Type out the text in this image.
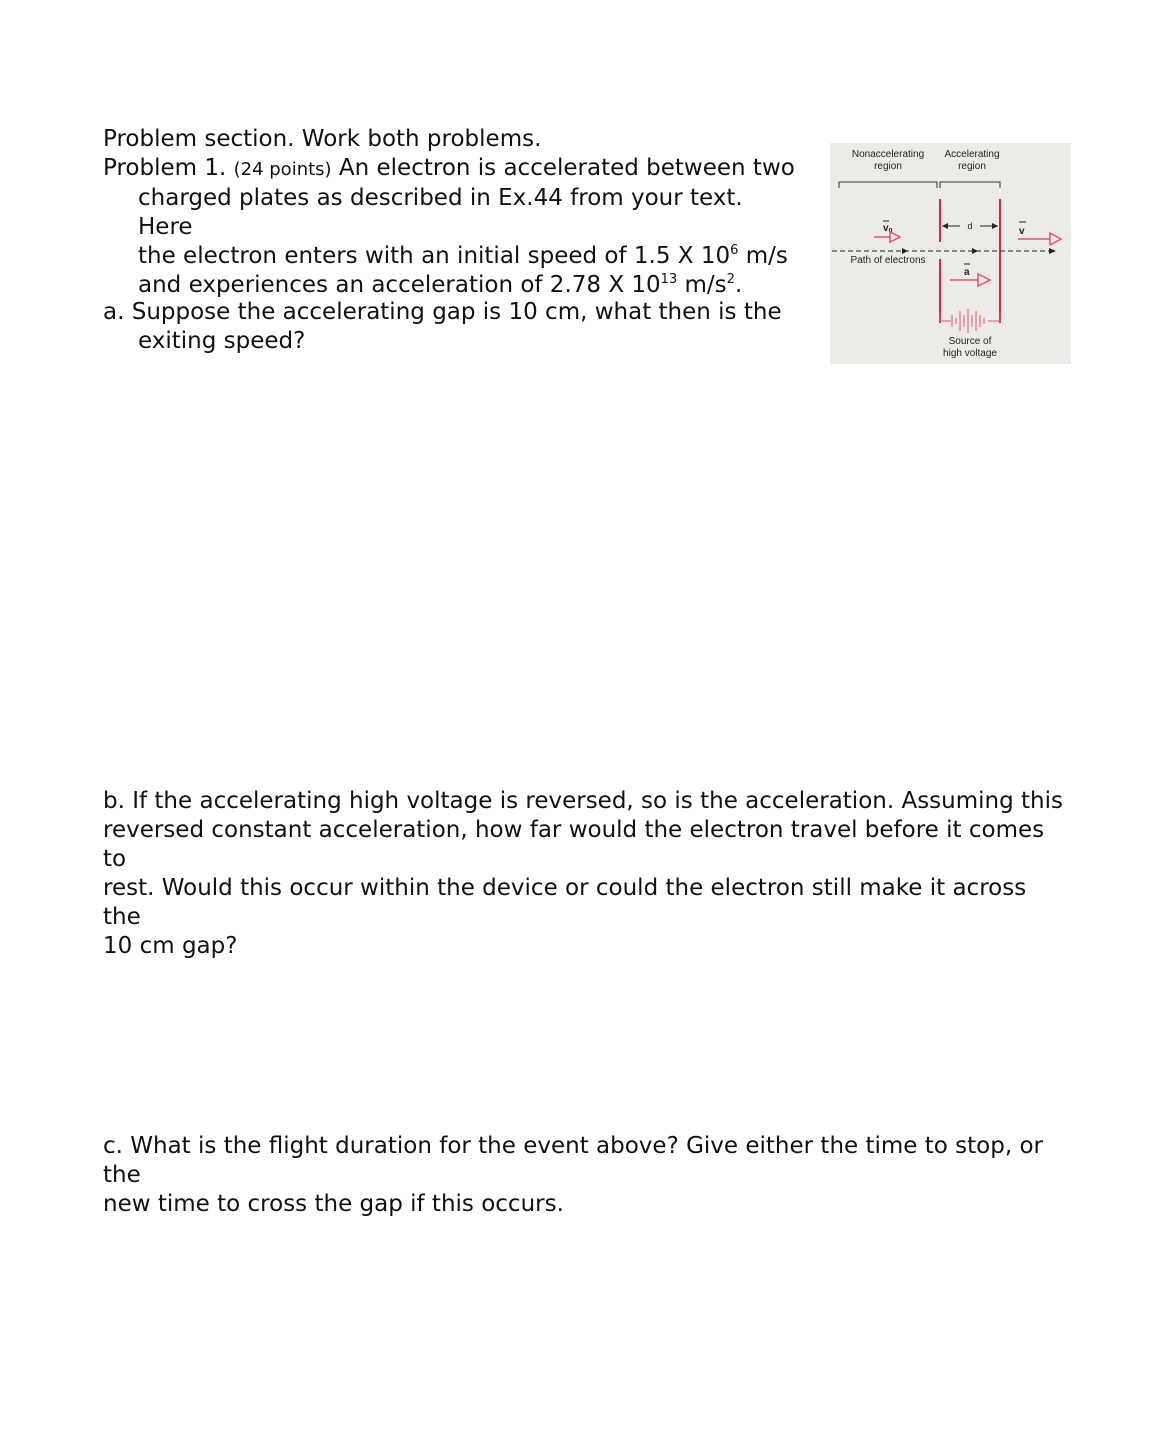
Problem section. Work both problems.
Problem 1. (24 points) An electron is accelerated between two
charged plates as described in Ex.44 from your text. Here
the electron enters with an initial speed of 1.5 X $10^6$ m/s
and experiences an acceleration of 2.78 X $10^{13}$ $m/s^2$.
a. Suppose the accelerating gap is 10 cm, what then is the
exiting speed?
b. If the accelerating high voltage is reversed, so is the acceleration. Assuming this
reversed constant acceleration, how far would the electron travel before it comes to
rest. Would this occur within the device or could the electron still make it across the
10 cm gap?
c. What is the flight duration for the event above? Give either the time to stop, or the
new time to cross the gap if this occurs.
Nonaccelerating
region
Accelerating
region
d
Path of electrons
$v_0$	v
a
Source of
high voltage
